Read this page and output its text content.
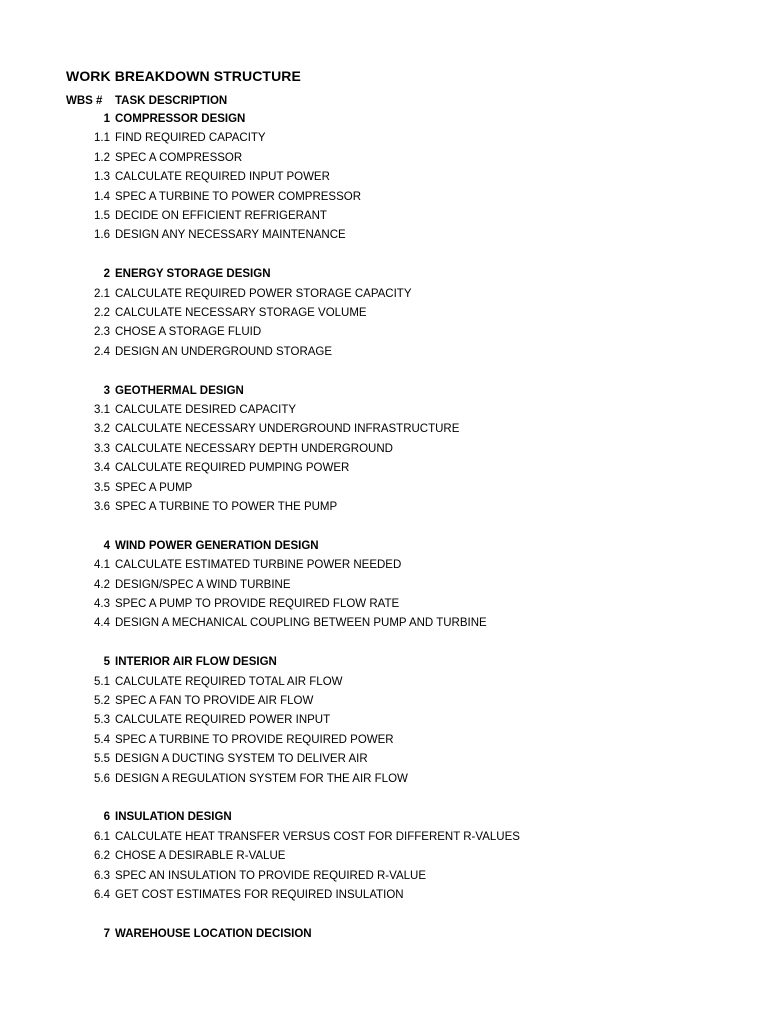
WORK BREAKDOWN STRUCTURE
WBS # TASK DESCRIPTION
1 COMPRESSOR DESIGN
1.1 FIND REQUIRED CAPACITY
1.2 SPEC A COMPRESSOR
1.3 CALCULATE REQUIRED INPUT POWER
1.4 SPEC A TURBINE TO POWER COMPRESSOR
1.5 DECIDE ON EFFICIENT REFRIGERANT
1.6 DESIGN ANY NECESSARY MAINTENANCE
2 ENERGY STORAGE DESIGN
2.1 CALCULATE REQUIRED POWER STORAGE CAPACITY
2.2 CALCULATE NECESSARY STORAGE VOLUME
2.3 CHOSE A STORAGE FLUID
2.4 DESIGN AN UNDERGROUND STORAGE
3 GEOTHERMAL DESIGN
3.1 CALCULATE DESIRED CAPACITY
3.2 CALCULATE NECESSARY UNDERGROUND INFRASTRUCTURE
3.3 CALCULATE NECESSARY DEPTH UNDERGROUND
3.4 CALCULATE REQUIRED PUMPING POWER
3.5 SPEC A PUMP
3.6 SPEC A TURBINE TO POWER THE PUMP
4 WIND POWER GENERATION DESIGN
4.1 CALCULATE ESTIMATED TURBINE POWER NEEDED
4.2 DESIGN/SPEC A WIND TURBINE
4.3 SPEC A PUMP TO PROVIDE REQUIRED FLOW RATE
4.4 DESIGN A MECHANICAL COUPLING BETWEEN PUMP AND TURBINE
5 INTERIOR AIR FLOW DESIGN
5.1 CALCULATE REQUIRED TOTAL AIR FLOW
5.2 SPEC A FAN TO PROVIDE AIR FLOW
5.3 CALCULATE REQUIRED POWER INPUT
5.4 SPEC A TURBINE TO PROVIDE REQUIRED POWER
5.5 DESIGN A DUCTING SYSTEM TO DELIVER AIR
5.6 DESIGN A REGULATION SYSTEM FOR THE AIR FLOW
6 INSULATION DESIGN
6.1 CALCULATE HEAT TRANSFER VERSUS COST FOR DIFFERENT R-VALUES
6.2 CHOSE A DESIRABLE R-VALUE
6.3 SPEC AN INSULATION TO PROVIDE REQUIRED R-VALUE
6.4 GET COST ESTIMATES FOR REQUIRED INSULATION
7 WAREHOUSE LOCATION DECISION
